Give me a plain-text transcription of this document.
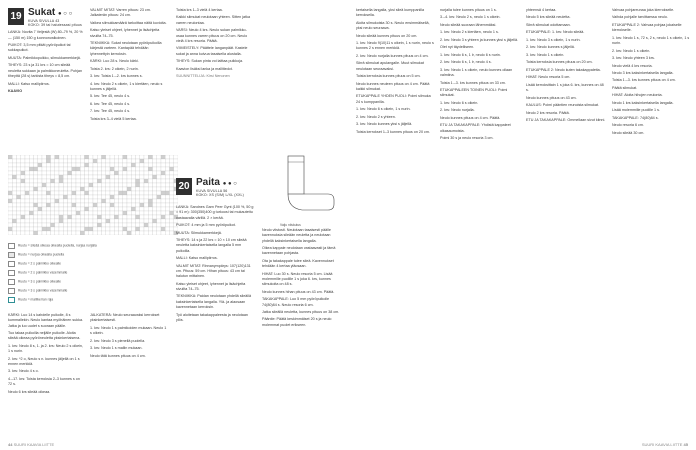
19 Sukat ● ○ ○
KUVA SIVULLA 43
KOKO: 39 tai halutessasi pituus

LANKA: Novita 7 Veljestä (W) 80–79 %, 20 % — (150 m) 150 g luonnonvalkoinen.

PUIKOT: 3,5 mm pitkät pyöröpuikot tai sukkapuikot.

MUUTA: Palmikkopuikko, silmukkamerkkejä.

TIHEYS: 23 s ja 31 krs = 10 cm sileää neuletta sukkaan ja palmikkoneuletta. Pohjan tiheyttä (28 s) tarkista tiheys = 8,5 cm.

MALLI: Katso mallipiirros.

KAAVIO

VALMIT MITAT: Varren pituus: 23 cm. Jalkaterän pituus: 24 cm.

Vaikea silmukkamäärä tarkoittaa näitä kuvioita.

Katso yleiset ohjeet, lyhennet ja lisäohjeita sivuilta 74–75.

TEKNIIKKA: Sukat neulotaan pyöröpuikoilla kärjestä varteen. Kantapää tehdään lyhennettyin kerroksin.

KÄRKI: Luo 28 s. Neulo kärki.

Toista 2. krs: 2 oikein, 2 nurin.

3. krs: Toista 1.–2. krs kunnes s.

4. krs: Neulo 2 s oikein, 1 s kiertäen, neulo s kunnes s jäljellä.

5. krs: Tee 45, neulo 4 s.

6. krs: Tee 45, neulo 4 s.

7. krs: Tee 45, neulo 4 s.

Toista krs 3–4 vielä 5 kertaa.

Ruutu = sileää oikeaa oikealla puolella, nurjaa nurjalla
Ruutu = nurjaa oikealla puolella
Ruutu = 2 s palmikko oikealle
Ruutu = 2 s palmikko vasemmalle
Ruutu = 3 s palmikko oikealle
Ruutu = 3 s palmikko vasemmalle
Ruutu = mallikerran raja

KÄRKI: Luo 14 s kahdelle puikolle, 8 s kummallekin. Neulo kantaa myöhäinen sukka. Jatka ja luo uudet s suoraan päälle.

Tuo takaa puikoilla neljälle puikolle. Aloita sileää oikeaa pyöröneuletta yksinkertaisena.

1. krs: Neulo 8 s, 1. ja 2. krs: Neulo 2 s oikein, 1 s nurin.

2. krs: *2 o, Neulo s n. kunnes jäljellä on 1 s ennen merkkiä.

3. krs: Neulo 4 s o.

4.–17. krs: Toista kerroksia 2–3 kunnes s on 72 s.

Neulo 6 krs sileää oikeaa.

JALKATERÄ: Neulo seuraavaksi kerrokset yksinkertaisesti.

1. krs: Neulo 1 s palmikoiden mukaan. Neulo 1 s oikein.

2. krs: Neulo 3 s pienellä puolella.

3. krs: Neulo 1 s mallin mukaan.

Neulo tätä kunnes pituus on 4 cm.

Toista krs 1–3 vielä 4 kertaa.

Kaikki silmukat neulotaan yhteen. Sitten jatka varren neulontaa.

VARSI: Neulo 4 krs. Neulo sukan palmikko-osaa kunnes varren pituus on 20 cm. Neulo vielä 4 krs resoria. Päätä.

VIIMEISTELY: Päättele langanpäät. Kastele sukat ja anna kuivua tasaisella alustalla.

TIHEYS: Sukan pinta voi laittaa puikkoja.

Kaavion lisäksi lanka ja mallitiedot.

SUUNNITTELIJA: Kirsi Nenonen

Vaiju niiskutus
20 Paita ● ● ○
KUVA SIVULLA 56
KOKO: XS (S/M) L/XL (XXL)

LANKA: Sandnes Garn Peer Gynt (100 %, 50 g = 91 m): 300(350)400 g turkoosi tai mukautettu vastaavalla värillä. 2 × kerää.

PUIKOT: 4 mm ja 5 mm pyöröpuikot.

MUUTA: Silmukkamerkkejä.

TIHEYS: 14 s ja 22 krs = 10 × 10 cm sileää neuletta kaksinkertaisella langalla 5 mm puikoilla.

MALLI: Katso mallipiirros.

VALMIT MITAT: Rinnanympärys: 107(120)131 cm. Pituus: 59 cm. Hihan pituus: 43 cm tai halutun mittainen.

Katso yleiset ohjeet, lyhennet ja lisäohjeita sivuilta 74–75.

TEKNIIKKA: Paidan neulotaan yhdellä sileällä kaksinkertaisella langalla. Ylä- ja alaosaan kavennetaan kerroksin.

Työ aloitetaan takakappaleesta ja neulotaan ylös.

Neulo viistosti. Neulotaan tasaisesti päälle kavennuksia sileään neuletta ja neulotaan yhdellä kaksinkertaisella langalla.

Oikea kappale neulotaan vastaavasti ja tämä kavennetaan pohjasta.

Ota ja takakappale tulee sileä. Kavennukset tehdään 4 kertaa yläosaan.

HIHAT: Luo 30 s. Neulo resoria 5 cm. Lisää molemmille puolille 1 s joka 6. krs, kunnes silmukoita on 48 s.

Neulo kunnes hihan pituus on 43 cm. Päätä.

TAKAKAPPALE: Luo 5 mm pyöröpuikolle 74(80)84 s. Neulo resoria 6 cm.

Jatka sileällä neuletta, kunnes pituus on 38 cm.

Pääntie: Päätä keskimmäiset 20 s ja neulo molemmat puolet erikseen.

kertaisella langalla, yksi sileä kumppanilla kerroksella.

Aloita silmukoista 30 s. Neulo ensimmäisellä, yksi neulo seuraava.

Neulo sileää kunnes pituus on 20 cm.

1. krs: Neulo 9(10)11 s oikein, 1 s nurin, neulo s kunnes 2 s ennen merkkiä.

2. krs: Neulo nurjalla kunnes pituus on 4 cm.

Siirrä silmukat apulangalle. Muut silmukat neulotaan seuraavaksi.

Toista kerroksia kunnes pituus on 5 cm.

Neulo kunnes neuleen pituus on 4 cm. Päätä kaikki silmukat.

ETUKAPPALE YHDEN PUOLI: Poimi silmuka 24 s kumppanilla.

1. krs: Neulo 6 s oikein, 1 s nurin.

2. krs: Neulo 2 s yhteen.

3. krs: Neulo kunnes yksi s jäljellä.

Toista kerrokset 1–3 kunnes pituus on 20 cm.

nurjalla tulee kunnes pituus on 1 s.

3.–4. krs: Neulo 2 s, neulo 1 s oikein.

Neulo sileää suoraan lähemmäksi.

1. krs: Neulo 2 s kiertäen, neulo 1 s.

2. krs: Neulo 3 s yhteen ja kunnes yksi s jäljellä.

Olet nyt täydelliseen.

1. krs: Neulo 6 s, 1 lr, neulo 6 s nurin.

2. krs: Neulo 6 s, 1 lr, neulo 4 s.

3. krs: Neulo 1 s oikein, neulo kunnes ollaan valmiina.

Toista 1.–3. krs kunnes pituus on 33 cm.

ETUKAPPALEEN TOINEN PUOLI: Poimi silmukat.

1. krs: Neulo 6 s oikein.

2. krs: Neulo nurjalla.

Neulo kunnes pituus on 4 cm. Päätä.

ETU JA TAKAKAPPALE: Yhdistä kappaleet olkasaumoista.

Poimi 30 s ja neulo resoria 3 cm.

yhteensä 4 kertaa.

Neulo 5 krs sileää neuletta.

Siirrä silmukat odottamaan.

ETUKAPPALE: 1. krs: Neulo sileää.

1. krs: Neulo 3 s oikein, 1 s nurin.

2. krs: Neulo kunnes s jäljellä.

3. krs: Neulo 1 s oikein.

Toista kerroksia kunnes pituus on 20 cm.

ETUKAPPALE 2: Neulo kuten takakappaletta.

HIHAT: Neulo resoria 5 cm.

Lisää kerroksittain 1 s joka 6. krs, kunnes on 48 s.

Neulo kunnes pituus on 43 cm.

KAULUS: Poimi pääntien reunoista silmukat.

Neulo 2 krs resoria. Päätä.

ETU JA TAKAKAPPALE: Ommellaan sivut kiinni.

Vahvaa pohjareunaa joka kierrokselle.

Vaihda pohjalle tarvittaessa neulo.

ETUKAPPALE 2: Vahvaa pohjaa jokaiselle kierrokselle.

1. krs: Neulo 1 s, 72 s, 2 s, neulo 1 s oikein, 1 s nurin.

2. krs: Neulo 1 s oikein.

3. krs: Neulo yhteen 3 krs.

Neulo vielä 4 krs resoria.

Neulo 3 krs kaksinkertaisella langalla.

Toista 1.–3. krs kunnes pituus on 4 cm.

Päätä silmukat.

HIHAT: Aloita hihojen neulonta.

Neulo 1 krs kaksinkertaisella langalla.

Lisää molemmille puolille 1 s.

TAKAKAPPALE: 74(80)84 s.

Neulo resoria 6 cm.

Neulo sileää 30 cm.

44 SUURI KAAVIA LIITTE	SUURI KAAVIA LIITTE 45
